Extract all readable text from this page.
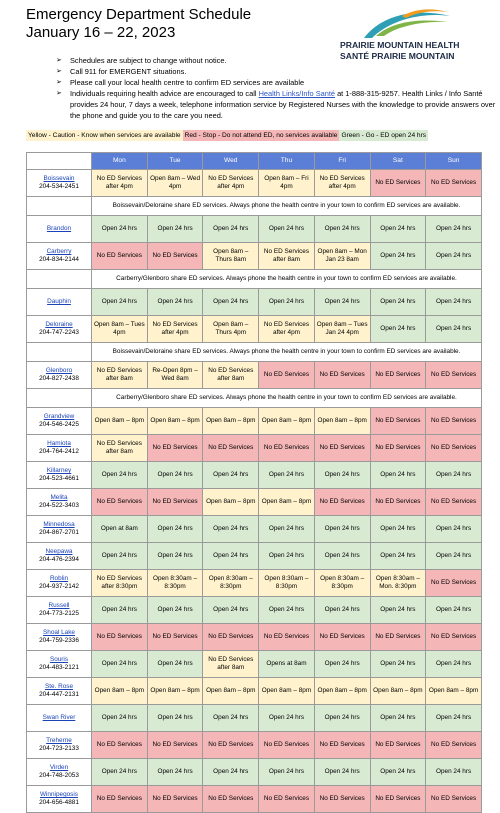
Emergency Department Schedule
January 16 – 22, 2023
PRAIRIE MOUNTAIN HEALTH
SANTÉ PRAIRIE MOUNTAIN
➢ Schedules are subject to change without notice.
➢ Call 911 for EMERGENT situations.
➢ Please call your local health centre to confirm ED services are available
➢ Individuals requiring health advice are encouraged to call Health Links/Info Santé at 1-888-315-9257. Health Links / Info Santé provides 24 hour, 7 days a week, telephone information service by Registered Nurses with the knowledge to provide answers over the phone and guide you to the care you need.
Yellow - Caution - Know when services are available Red - Stop - Do not attend ED, no services available Green - Go - ED open 24 hrs
	Mon	Tue	Wed	Thu	Fri	Sat	Sun

Boissevain
204-534-2451	No ED Services after 4pm	Open 8am – Wed 4pm	No ED Services after 4pm	Open 8am – Fri 4pm	No ED Services after 4pm	No ED Services	No ED Services
	Boissevain/Deloraine share ED services. Always phone the health centre in your town to confirm ED services are available.						

Brandon	Open 24 hrs	Open 24 hrs	Open 24 hrs	Open 24 hrs	Open 24 hrs	Open 24 hrs	Open 24 hrs

Carberry
204-834-2144	No ED Services	No ED Services	Open 8am – Thurs 8am	No ED Services after 8am	Open 8am – Mon Jan 23 8am	Open 24 hrs	Open 24 hrs
	Carberry/Glenboro share ED services. Always phone the health centre in your town to confirm ED services are available.						

Dauphin	Open 24 hrs	Open 24 hrs	Open 24 hrs	Open 24 hrs	Open 24 hrs	Open 24 hrs	Open 24 hrs

Deloraine
204-747-2243	Open 8am – Tues 4pm	No ED Services after 4pm	Open 8am – Thurs 4pm	No ED Services after 4pm	Open 8am – Tues Jan 24 4pm	Open 24 hrs	Open 24 hrs
	Boissevain/Deloraine share ED services. Always phone the health centre in your town to confirm ED services are available.						

Glenboro
204-827-2438	No ED Services after 8am	Re-Open 8pm – Wed 8am	No ED Services after 8am	No ED Services	No ED Services	No ED Services	No ED Services
	Carberry/Glenboro share ED services. Always phone the health centre in your town to confirm ED services are available.						

Grandview
204-546-2425	Open 8am – 8pm	Open 8am – 8pm	Open 8am – 8pm	Open 8am – 8pm	Open 8am – 8pm	No ED Services	No ED Services

Hamiota
204-764-2412	No ED Services after 8am	No ED Services	No ED Services	No ED Services	No ED Services	No ED Services	No ED Services

Killarney
204-523-4661	Open 24 hrs	Open 24 hrs	Open 24 hrs	Open 24 hrs	Open 24 hrs	Open 24 hrs	Open 24 hrs

Melita
204-522-3403	No ED Services	No ED Services	Open 8am – 8pm	Open 8am – 8pm	No ED Services	No ED Services	No ED Services

Minnedosa
204-867-2701	Open at 8am	Open 24 hrs	Open 24 hrs	Open 24 hrs	Open 24 hrs	Open 24 hrs	Open 24 hrs

Neepawa
204-476-2394	Open 24 hrs	Open 24 hrs	Open 24 hrs	Open 24 hrs	Open 24 hrs	Open 24 hrs	Open 24 hrs

Roblin
204-937-2142	No ED Services after 8:30pm	Open 8:30am – 8:30pm	Open 8:30am – 8:30pm	Open 8:30am – 8:30pm	Open 8:30am – 8:30pm	Open 8:30am – Mon. 8:30pm	No ED Services

Russell
204-773-2125	Open 24 hrs	Open 24 hrs	Open 24 hrs	Open 24 hrs	Open 24 hrs	Open 24 hrs	Open 24 hrs

Shoal Lake
204-759-2336	No ED Services	No ED Services	No ED Services	No ED Services	No ED Services	No ED Services	No ED Services

Souris
204-483-2121	Open 24 hrs	Open 24 hrs	No ED Services after 8am	Opens at 8am	Open 24 hrs	Open 24 hrs	Open 24 hrs

Ste. Rose
204-447-2131	Open 8am – 8pm	Open 8am – 8pm	Open 8am – 8pm	Open 8am – 8pm	Open 8am – 8pm	Open 8am – 8pm	Open 8am – 8pm

Swan River	Open 24 hrs	Open 24 hrs	Open 24 hrs	Open 24 hrs	Open 24 hrs	Open 24 hrs	Open 24 hrs

Treherne
204-723-2133	No ED Services	No ED Services	No ED Services	No ED Services	No ED Services	No ED Services	No ED Services

Virden
204-748-2053	Open 24 hrs	Open 24 hrs	Open 24 hrs	Open 24 hrs	Open 24 hrs	Open 24 hrs	Open 24 hrs

Winnipegosis
204-656-4881	No ED Services	No ED Services	No ED Services	No ED Services	No ED Services	No ED Services	No ED Services
